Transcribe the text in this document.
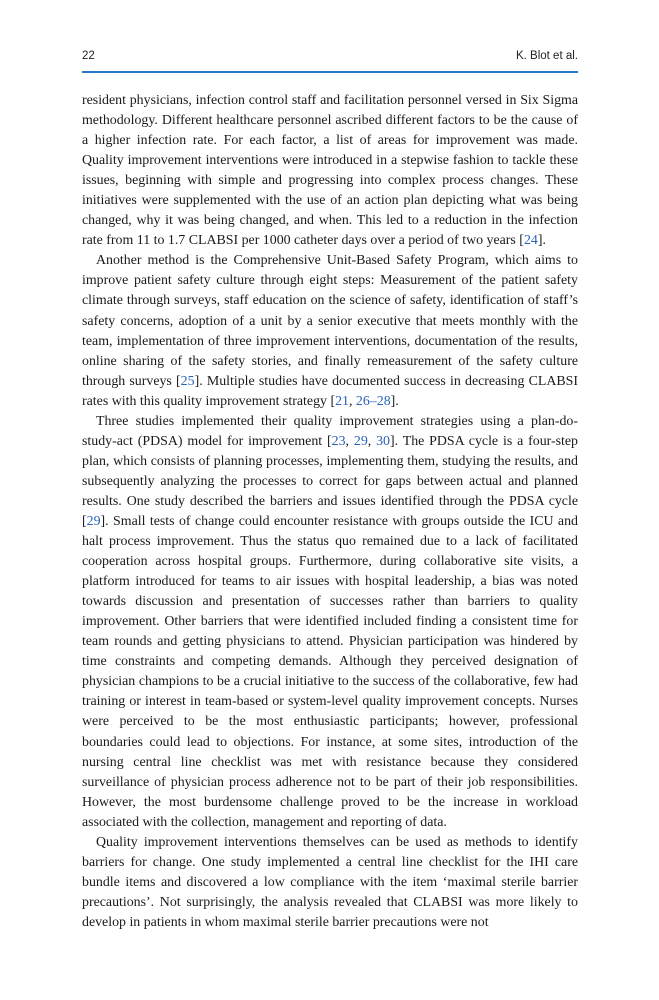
22	K. Blot et al.

resident physicians, infection control staff and facilitation personnel versed in Six Sigma methodology. Different healthcare personnel ascribed different factors to be the cause of a higher infection rate. For each factor, a list of areas for improvement was made. Quality improvement interventions were introduced in a stepwise fashion to tackle these issues, beginning with simple and progressing into complex process changes. These initiatives were supplemented with the use of an action plan depicting what was being changed, why it was being changed, and when. This led to a reduction in the infection rate from 11 to 1.7 CLABSI per 1000 catheter days over a period of two years [24].

Another method is the Comprehensive Unit-Based Safety Program, which aims to improve patient safety culture through eight steps: Measurement of the patient safety climate through surveys, staff education on the science of safety, identification of staff’s safety concerns, adoption of a unit by a senior executive that meets monthly with the team, implementation of three improvement interventions, documentation of the results, online sharing of the safety stories, and finally remeasurement of the safety culture through surveys [25]. Multiple studies have documented success in decreasing CLABSI rates with this quality improvement strategy [21, 26–28].

Three studies implemented their quality improvement strategies using a plan-do-study-act (PDSA) model for improvement [23, 29, 30]. The PDSA cycle is a four-step plan, which consists of planning processes, implementing them, studying the results, and subsequently analyzing the processes to correct for gaps between actual and planned results. One study described the barriers and issues identified through the PDSA cycle [29]. Small tests of change could encounter resistance with groups outside the ICU and halt process improvement. Thus the status quo remained due to a lack of facilitated cooperation across hospital groups. Furthermore, during collaborative site visits, a platform introduced for teams to air issues with hospital leadership, a bias was noted towards discussion and presentation of successes rather than barriers to quality improvement. Other barriers that were identified included finding a consistent time for team rounds and getting physicians to attend. Physician participation was hindered by time constraints and competing demands. Although they perceived designation of physician champions to be a crucial initiative to the success of the collaborative, few had training or interest in team-based or system-level quality improvement concepts. Nurses were perceived to be the most enthusiastic participants; however, professional boundaries could lead to objections. For instance, at some sites, introduction of the nursing central line checklist was met with resistance because they considered surveillance of physician process adherence not to be part of their job responsibilities. However, the most burdensome challenge proved to be the increase in workload associated with the collection, management and reporting of data.

Quality improvement interventions themselves can be used as methods to identify barriers for change. One study implemented a central line checklist for the IHI care bundle items and discovered a low compliance with the item ‘maximal sterile barrier precautions’. Not surprisingly, the analysis revealed that CLABSI was more likely to develop in patients in whom maximal sterile barrier precautions were not
